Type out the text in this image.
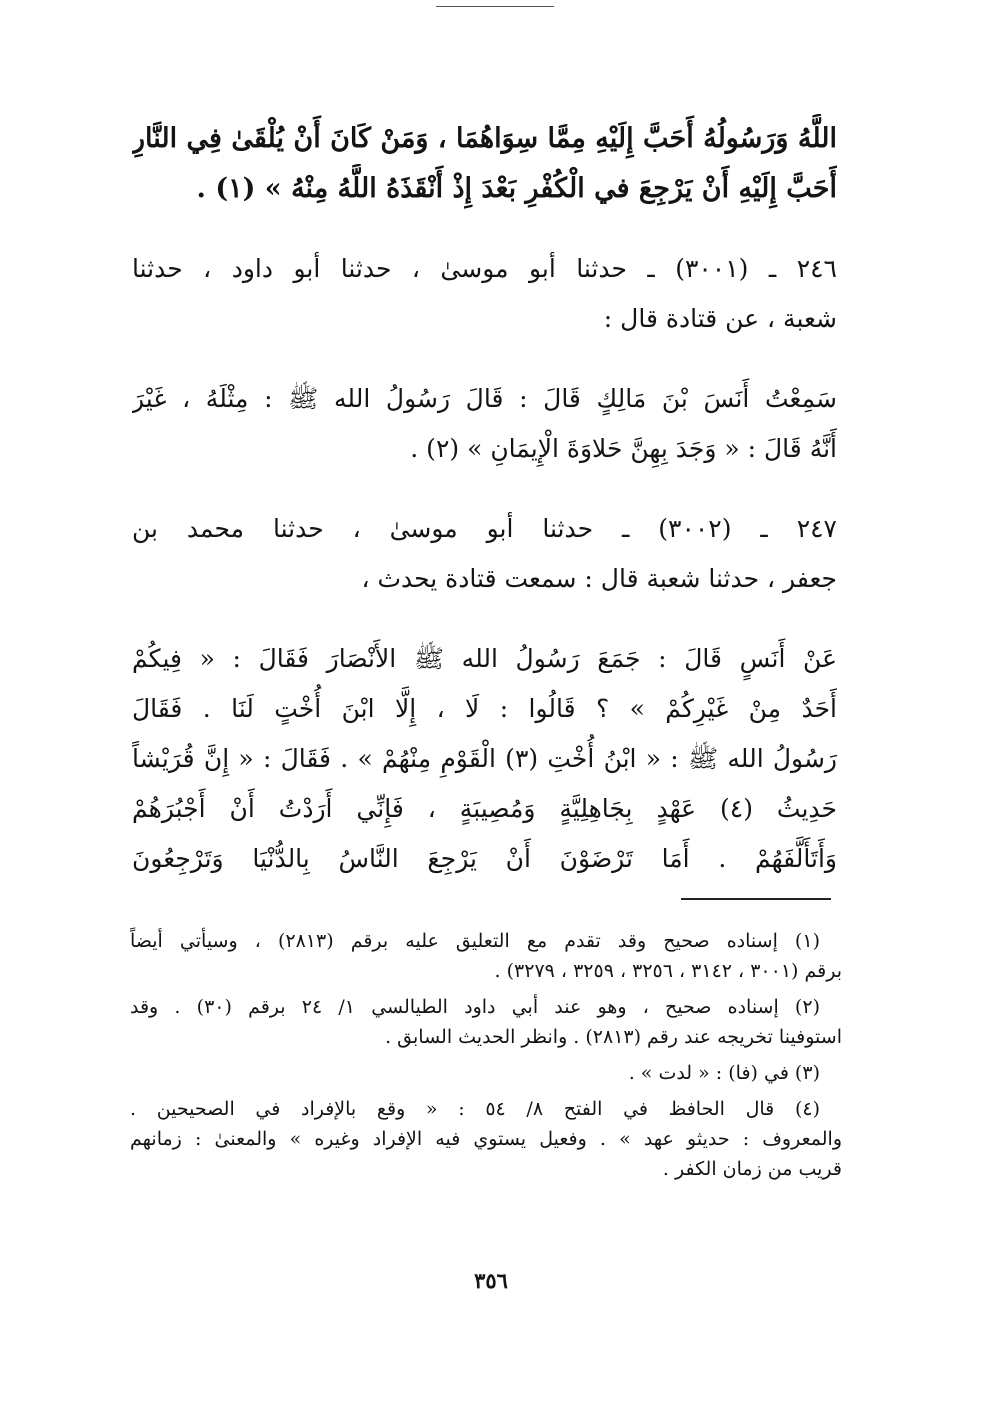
اللَّهُ وَرَسُولُهُ أَحَبَّ إِلَيْهِ مِمَّا سِوَاهُمَا ، وَمَنْ كَانَ أَنْ يُلْقَىٰ فِي النَّارِ
أَحَبَّ إِلَيْهِ أَنْ يَرْجِعَ في الْكُفْرِ بَعْدَ إِذْ أَنْقَذَهُ اللَّهُ مِنْهُ » (١) .

٢٤٦ ـ (٣٠٠١) ـ حدثنا أبو موسىٰ ، حدثنا أبو داود ، حدثنا
شعبة ، عن قتادة قال :

سَمِعْتُ أَنَسَ بْنَ مَالِكٍ قَالَ : قَالَ رَسُولُ الله ﷺ : مِثْلَهُ ، غَيْرَ
أَنَّهُ قَالَ : « وَجَدَ بِهِنَّ حَلاوَةَ الْإِيمَانِ » (٢) .

٢٤٧ ـ (٣٠٠٢) ـ حدثنا أبو موسىٰ ، حدثنا محمد بن
جعفر ، حدثنا شعبة قال : سمعت قتادة يحدث ،

عَنْ أَنَسٍ قَالَ : جَمَعَ رَسُولُ الله ﷺ الأَنْصَارَ فَقَالَ : « فِيكُمْ
أَحَدٌ مِنْ غَيْرِكُمْ » ؟ قَالُوا : لَا ، إِلَّا ابْنَ أُخْتٍ لَنَا . فَقَالَ
رَسُولُ الله ﷺ : « ابْنُ أُخْتِ (٣) الْقَوْمِ مِنْهُمْ » . فَقَالَ : « إِنَّ قُرَيْشاً
حَدِيثُ (٤) عَهْدٍ بِجَاهِلِيَّةٍ وَمُصِيبَةٍ ، فَإِنِّي أَرَدْتُ أَنْ أَجْبُرَهُمْ
وَأَتَأَلَّفَهُمْ . أَمَا تَرْضَوْنَ أَنْ يَرْجِعَ النَّاسُ بِالدُّنْيَا وَتَرْجِعُونَ

(١) إسناده صحيح وقد تقدم مع التعليق عليه برقم (٢٨١٣) ، وسيأتي أيضاً
برقم (٣٠٠١ ، ٣١٤٢ ، ٣٢٥٦ ، ٣٢٥٩ ، ٣٢٧٩) .

(٢) إسناده صحيح ، وهو عند أبي داود الطيالسي ١/ ٢٤ برقم (٣٠) . وقد
استوفينا تخريجه عند رقم (٢٨١٣) . وانظر الحديث السابق .

(٣) في (فا) : « لدت » .

(٤) قال الحافظ في الفتح ٨/ ٥٤ : « وقع بالإفراد في الصحيحين .
والمعروف : حديثو عهد » . وفعيل يستوي فيه الإفراد وغيره » والمعنىٰ : زمانهم
قريب من زمان الكفر .

٣٥٦
